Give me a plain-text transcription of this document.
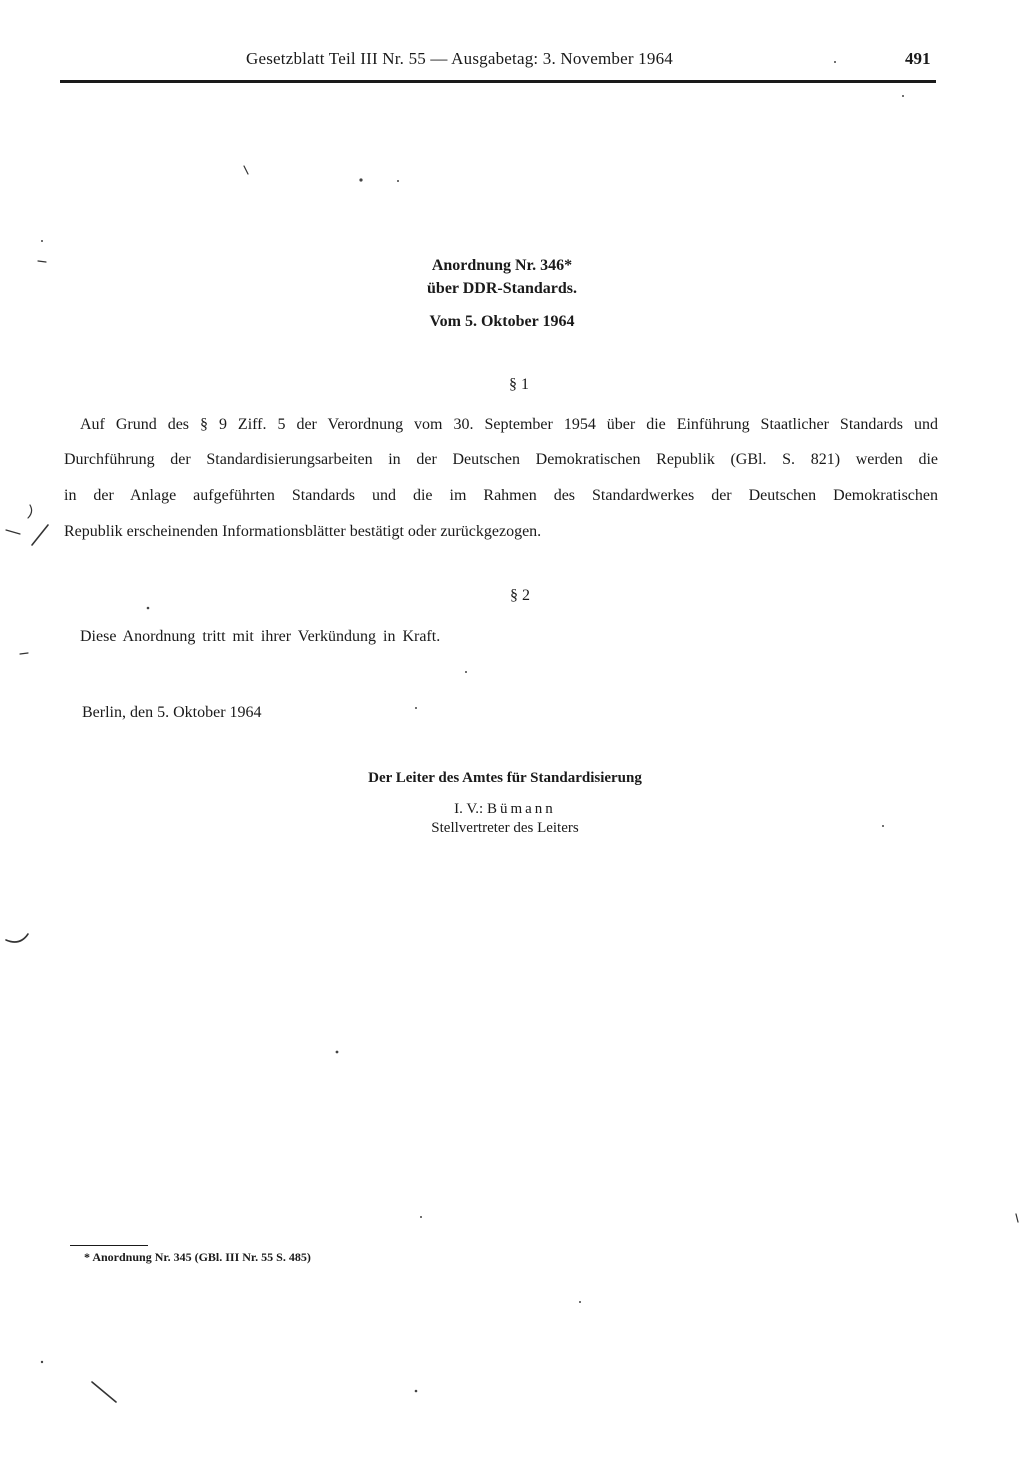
Gesetzblatt Teil III Nr. 55 — Ausgabetag: 3. November 1964	491
Anordnung Nr. 346*
über DDR-Standards.
Vom 5. Oktober 1964
§ 1
Auf Grund des § 9 Ziff. 5 der Verordnung vom 30. September 1954 über die Einführung Staatlicher Standards und
Durchführung der Standardisierungsarbeiten in der Deutschen Demokratischen Republik (GBl. S. 821) werden die
in der Anlage aufgeführten Standards und die im Rahmen des Standardwerkes der Deutschen Demokratischen
Republik erscheinenden Informationsblätter bestätigt oder zurückgezogen.
§ 2
Diese Anordnung tritt mit ihrer Verkündung in Kraft.
Berlin, den 5. Oktober 1964
Der Leiter des Amtes für Standardisierung
I. V.: Bümann
Stellvertreter des Leiters
* Anordnung Nr. 345 (GBl. III Nr. 55 S. 485)
